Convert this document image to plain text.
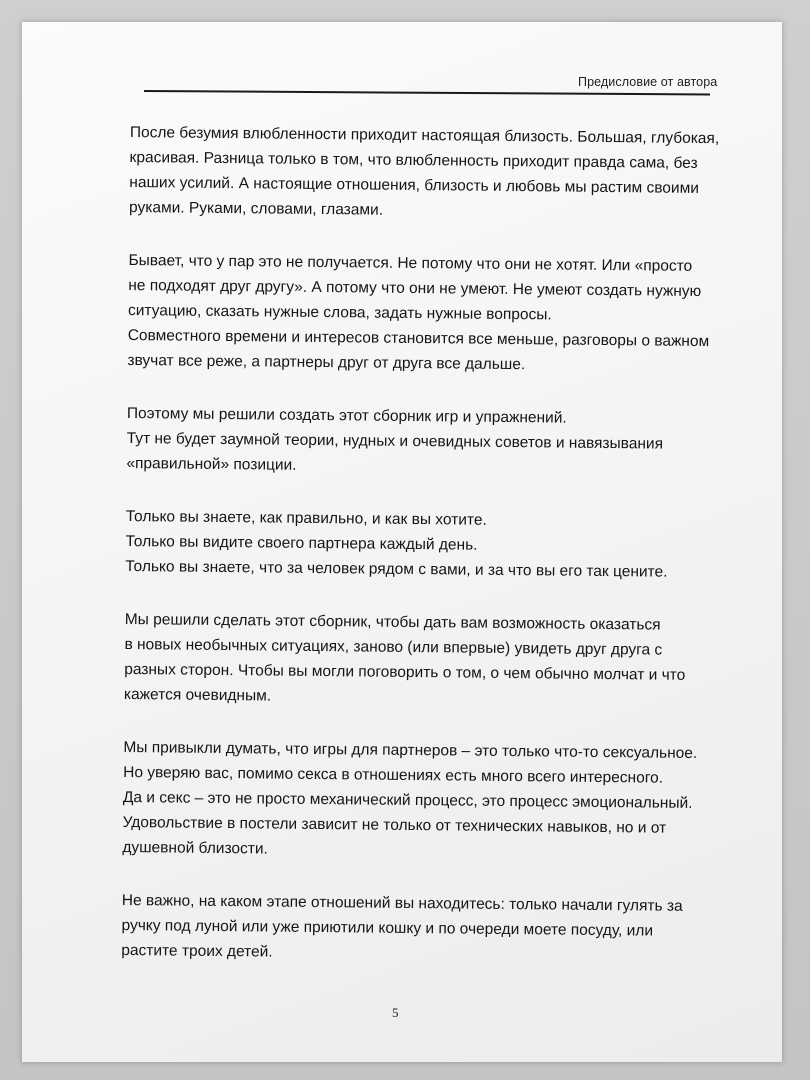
Предисловие от автора
После безумия влюбленности приходит настоящая близость. Большая, глубокая,
красивая. Разница только в том, что влюбленность приходит правда сама, без
наших усилий. А настоящие отношения, близость и любовь мы растим своими
руками. Руками, словами, глазами.
Бывает, что у пар это не получается. Не потому что они не хотят. Или «просто
не подходят друг другу». А потому что они не умеют. Не умеют создать нужную
ситуацию, сказать нужные слова, задать нужные вопросы.
Совместного времени и интересов становится все меньше, разговоры о важном
звучат все реже, а партнеры друг от друга все дальше.
Поэтому мы решили создать этот сборник игр и упражнений.
Тут не будет заумной теории, нудных и очевидных советов и навязывания
«правильной» позиции.
Только вы знаете, как правильно, и как вы хотите.
Только вы видите своего партнера каждый день.
Только вы знаете, что за человек рядом с вами, и за что вы его так цените.
Мы решили сделать этот сборник, чтобы дать вам возможность оказаться
в новых необычных ситуациях, заново (или впервые) увидеть друг друга с
разных сторон. Чтобы вы могли поговорить о том, о чем обычно молчат и что
кажется очевидным.
Мы привыкли думать, что игры для партнеров – это только что-то сексуальное.
Но уверяю вас, помимо секса в отношениях есть много всего интересного.
Да и секс – это не просто механический процесс, это процесс эмоциональный.
Удовольствие в постели зависит не только от технических навыков, но и от
душевной близости.
Не важно, на каком этапе отношений вы находитесь: только начали гулять за
ручку под луной или уже приютили кошку и по очереди моете посуду, или
растите троих детей.
5
